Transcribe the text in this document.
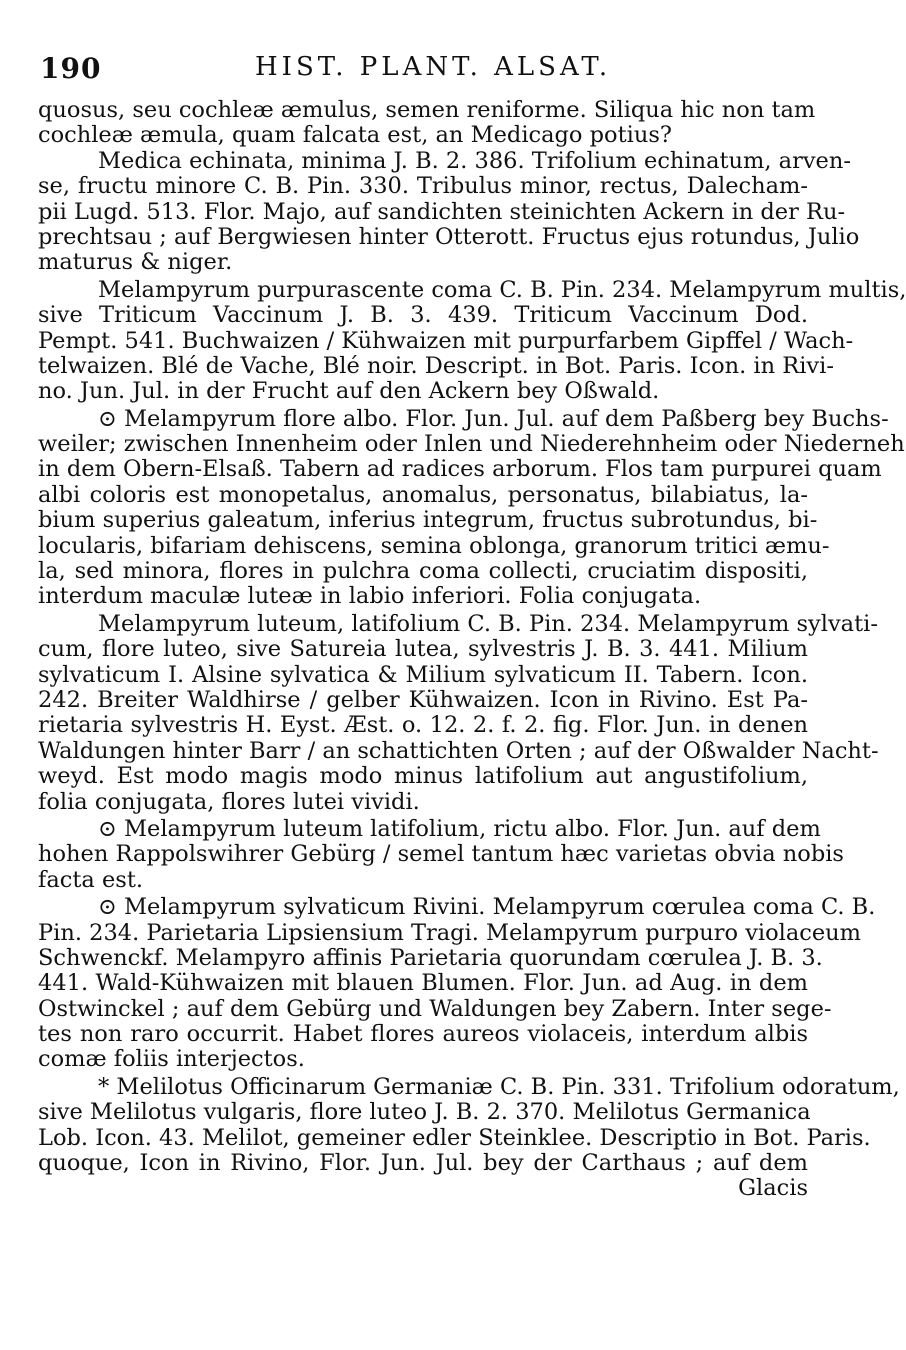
190	HIST. PLANT. ALSAT.
quosus, seu cochleæ æmulus, semen reniforme. Siliqua hic non tam
cochleæ æmula, quam falcata est, an Medicago potius?
Medica echinata, minima J. B. 2. 386. Trifolium echinatum, arven-
se, fructu minore C. B. Pin. 330. Tribulus minor, rectus, Dalecham-
pii Lugd. 513. Flor. Majo, auf sandichten steinichten Ackern in der Ru-
prechtsau ; auf Bergwiesen hinter Otterott. Fructus ejus rotundus, Julio
maturus & niger.
Melampyrum purpurascente coma C. B. Pin. 234. Melampyrum multis,
sive Triticum Vaccinum J. B. 3. 439. Triticum Vaccinum Dod.
Pempt. 541. Buchwaizen / Kühwaizen mit purpurfarbem Gipffel / Wach-
telwaizen. Blé de Vache, Blé noir. Descript. in Bot. Paris. Icon. in Rivi-
no. Jun. Jul. in der Frucht auf den Ackern bey Oßwald.
⊙ Melampyrum flore albo. Flor. Jun. Jul. auf dem Paßberg bey Buchs-
weiler; zwischen Innenheim oder Inlen und Niederehnheim oder Niederneh
in dem Obern-Elsaß. Tabern ad radices arborum. Flos tam purpurei quam
albi coloris est monopetalus, anomalus, personatus, bilabiatus, la-
bium superius galeatum, inferius integrum, fructus subrotundus, bi-
locularis, bifariam dehiscens, semina oblonga, granorum tritici æmu-
la, sed minora, flores in pulchra coma collecti, cruciatim dispositi,
interdum maculæ luteæ in labio inferiori. Folia conjugata.
Melampyrum luteum, latifolium C. B. Pin. 234. Melampyrum sylvati-
cum, flore luteo, sive Satureia lutea, sylvestris J. B. 3. 441. Milium
sylvaticum I. Alsine sylvatica & Milium sylvaticum II. Tabern. Icon.
242. Breiter Waldhirse / gelber Kühwaizen. Icon in Rivino. Est Pa-
rietaria sylvestris H. Eyst. Æst. o. 12. 2. f. 2. fig. Flor. Jun. in denen
Waldungen hinter Barr / an schattichten Orten ; auf der Oßwalder Nacht-
weyd. Est modo magis modo minus latifolium aut angustifolium,
folia conjugata, flores lutei vividi.
⊙ Melampyrum luteum latifolium, rictu albo. Flor. Jun. auf dem
hohen Rappolswihrer Gebürg / semel tantum hæc varietas obvia nobis
facta est.
⊙ Melampyrum sylvaticum Rivini. Melampyrum cœrulea coma C. B.
Pin. 234. Parietaria Lipsiensium Tragi. Melampyrum purpuro violaceum
Schwenckf. Melampyro affinis Parietaria quorundam cœrulea J. B. 3.
441. Wald-Kühwaizen mit blauen Blumen. Flor. Jun. ad Aug. in dem
Ostwinckel ; auf dem Gebürg und Waldungen bey Zabern. Inter sege-
tes non raro occurrit. Habet flores aureos violaceis, interdum albis
comæ foliis interjectos.
* Melilotus Officinarum Germaniæ C. B. Pin. 331. Trifolium odoratum,
sive Melilotus vulgaris, flore luteo J. B. 2. 370. Melilotus Germanica
Lob. Icon. 43. Melilot, gemeiner edler Steinklee. Descriptio in Bot. Paris.
quoque, Icon in Rivino, Flor. Jun. Jul. bey der Carthaus ; auf dem
Glacis
